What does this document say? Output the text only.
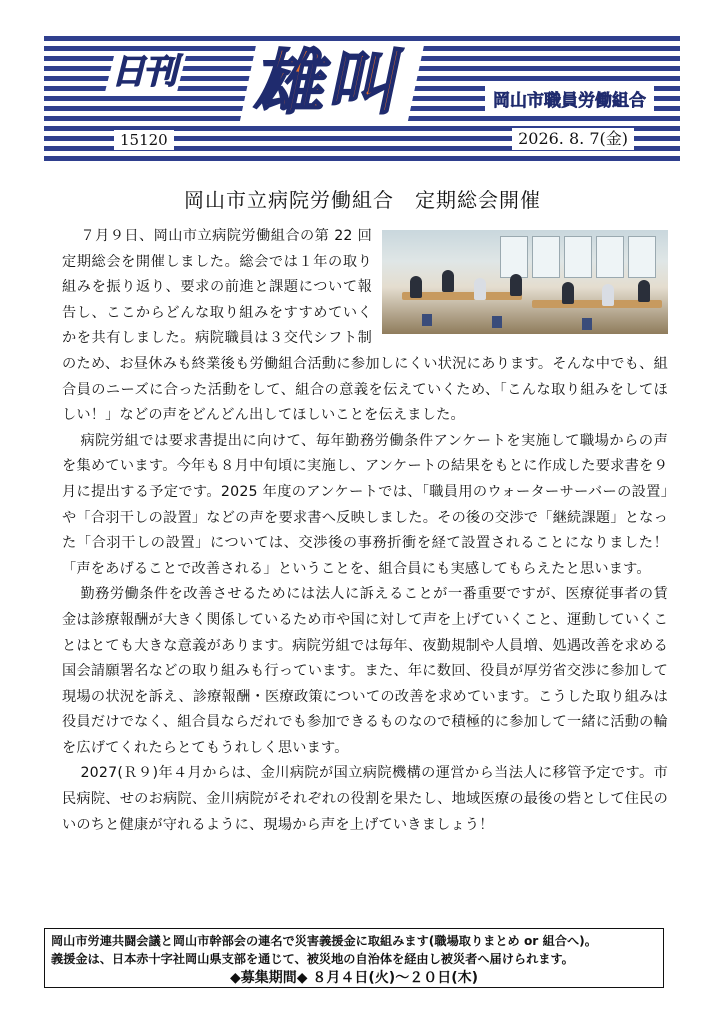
日刊 雄叫	岡山市職員労働組合
15120	2026. 8. 7(金)
岡山市立病院労働組合　定期総会開催

７月９日、岡山市立病院労働組合の第 22 回定期総会を開催しました。総会では１年の取り組みを振り返り、要求の前進と課題について報告し、ここからどんな取り組みをすすめていくかを共有しました。病院職員は３交代シフト制のため、お昼休みも終業後も労働組合活動に参加しにくい状況にあります。そんな中でも、組合員のニーズに合った活動をして、組合の意義を伝えていくため、「こんな取り組みをしてほしい！」などの声をどんどん出してほしいことを伝えました。

病院労組では要求書提出に向けて、毎年勤務労働条件アンケートを実施して職場からの声を集めています。今年も８月中旬頃に実施し、アンケートの結果をもとに作成した要求書を９月に提出する予定です。2025 年度のアンケートでは、「職員用のウォーターサーバーの設置」や「合羽干しの設置」などの声を要求書へ反映しました。その後の交渉で「継続課題」となった「合羽干しの設置」については、交渉後の事務折衝を経て設置されることになりました！「声をあげることで改善される」ということを、組合員にも実感してもらえたと思います。

勤務労働条件を改善させるためには法人に訴えることが一番重要ですが、医療従事者の賃金は診療報酬が大きく関係しているため市や国に対して声を上げていくこと、運動していくことはとても大きな意義があります。病院労組では毎年、夜勤規制や人員増、処遇改善を求める国会請願署名などの取り組みも行っています。また、年に数回、役員が厚労省交渉に参加して現場の状況を訴え、診療報酬・医療政策についての改善を求めています。こうした取り組みは役員だけでなく、組合員ならだれでも参加できるものなので積極的に参加して一緒に活動の輪を広げてくれたらとてもうれしく思います。

2027(Ｒ９)年４月からは、金川病院が国立病院機構の運営から当法人に移管予定です。市民病院、せのお病院、金川病院がそれぞれの役割を果たし、地域医療の最後の砦として住民のいのちと健康が守れるように、現場から声を上げていきましょう！

岡山市労連共闘会議と岡山市幹部会の連名で災害義援金に取組みます(職場取りまとめ or 組合へ)。
義援金は、日本赤十字社岡山県支部を通じて、被災地の自治体を経由し被災者へ届けられます。
◆募集期間◆ ８月４日(火)～２０日(木)
